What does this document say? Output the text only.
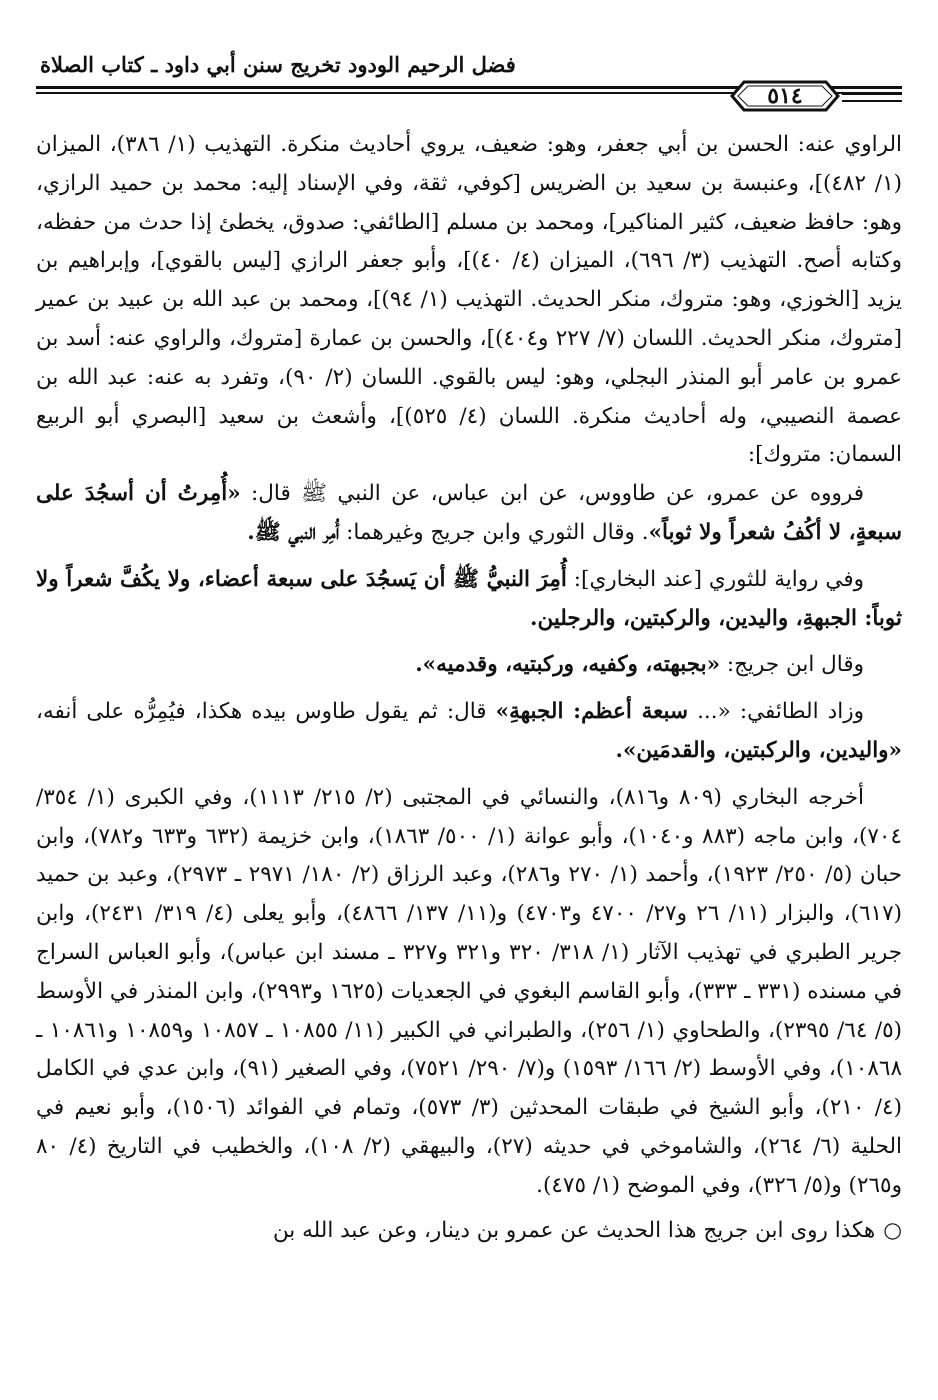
فضل الرحيم الودود تخريج سنن أبي داود ـ كتاب الصلاة
٥١٤

الراوي عنه: الحسن بن أبي جعفر، وهو: ضعيف، يروي أحاديث منكرة. التهذيب (١/ ٣٨٦)، الميزان (١/ ٤٨٢)]، وعنبسة بن سعيد بن الضريس [كوفي، ثقة، وفي الإسناد إليه: محمد بن حميد الرازي، وهو: حافظ ضعيف، كثير المناكير]، ومحمد بن مسلم [الطائفي: صدوق، يخطئ إذا حدث من حفظه، وكتابه أصح. التهذيب (٣/ ٦٩٦)، الميزان (٤/ ٤٠)]، وأبو جعفر الرازي [ليس بالقوي]، وإبراهيم بن يزيد [الخوزي، وهو: متروك، منكر الحديث. التهذيب (١/ ٩٤)]، ومحمد بن عبد الله بن عبيد بن عمير [متروك، منكر الحديث. اللسان (٧/ ٢٢٧ و٤٠٤)]، والحسن بن عمارة [متروك، والراوي عنه: أسد بن عمرو بن عامر أبو المنذر البجلي، وهو: ليس بالقوي. اللسان (٢/ ٩٠)، وتفرد به عنه: عبد الله بن عصمة النصيبي، وله أحاديث منكرة. اللسان (٤/ ٥٢٥)]، وأشعث بن سعيد [البصري أبو الربيع السمان: متروك]:

فرووه عن عمرو، عن طاووس، عن ابن عباس، عن النبي ﷺ قال: «أُمِرتُ أن أسجُدَ على سبعةٍ، لا أكُفُ شعراً ولا ثوباً». وقال الثوري وابن جريج وغيرهما: أُمِر النبي ﷺ.

وفي رواية للثوري [عند البخاري]: أُمِرَ النبيُّ ﷺ أن يَسجُدَ على سبعة أعضاء، ولا يكُفَّ شعراً ولا ثوباً: الجبهةِ، واليدين، والركبتين، والرجلين.

وقال ابن جريج: «بجبهته، وكفيه، وركبتيه، وقدميه».

وزاد الطائفي: «... سبعة أعظم: الجبهةِ» قال: ثم يقول طاوس بيده هكذا، فيُمِرُّه على أنفه، «واليدين، والركبتين، والقدمَين».

أخرجه البخاري (٨٠٩ و٨١٦)، والنسائي في المجتبى (٢/ ٢١٥/ ١١١٣)، وفي الكبرى (١/ ٣٥٤/ ٧٠٤)، وابن ماجه (٨٨٣ و١٠٤٠)، وأبو عوانة (١/ ٥٠٠/ ١٨٦٣)، وابن خزيمة (٦٣٢ و٦٣٣ و٧٨٢)، وابن حبان (٥/ ٢٥٠/ ١٩٢٣)، وأحمد (١/ ٢٧٠ و٢٨٦)، وعبد الرزاق (٢/ ١٨٠/ ٢٩٧١ ـ ٢٩٧٣)، وعبد بن حميد (٦١٧)، والبزار (١١/ ٢٦ و٢٧/ ٤٧٠٠ و٤٧٠٣) و(١١/ ١٣٧/ ٤٨٦٦)، وأبو يعلى (٤/ ٣١٩/ ٢٤٣١)، وابن جرير الطبري في تهذيب الآثار (١/ ٣١٨/ ٣٢٠ و٣٢١ و٣٢٧ ـ مسند ابن عباس)، وأبو العباس السراج في مسنده (٣٣١ ـ ٣٣٣)، وأبو القاسم البغوي في الجعديات (١٦٢٥ و٢٩٩٣)، وابن المنذر في الأوسط (٥/ ٦٤/ ٢٣٩٥)، والطحاوي (١/ ٢٥٦)، والطبراني في الكبير (١١/ ١٠٨٥٥ ـ ١٠٨٥٧ و١٠٨٥٩ و١٠٨٦١ ـ ١٠٨٦٨)، وفي الأوسط (٢/ ١٦٦/ ١٥٩٣) و(٧/ ٢٩٠/ ٧٥٢١)، وفي الصغير (٩١)، وابن عدي في الكامل (٤/ ٢١٠)، وأبو الشيخ في طبقات المحدثين (٣/ ٥٧٣)، وتمام في الفوائد (١٥٠٦)، وأبو نعيم في الحلية (٦/ ٢٦٤)، والشاموخي في حديثه (٢٧)، والبيهقي (٢/ ١٠٨)، والخطيب في التاريخ (٤/ ٨٠ و٢٦٥) و(٥/ ٣٢٦)، وفي الموضح (١/ ٤٧٥).

○هكذا روى ابن جريج هذا الحديث عن عمرو بن دينار، وعن عبد الله بن
